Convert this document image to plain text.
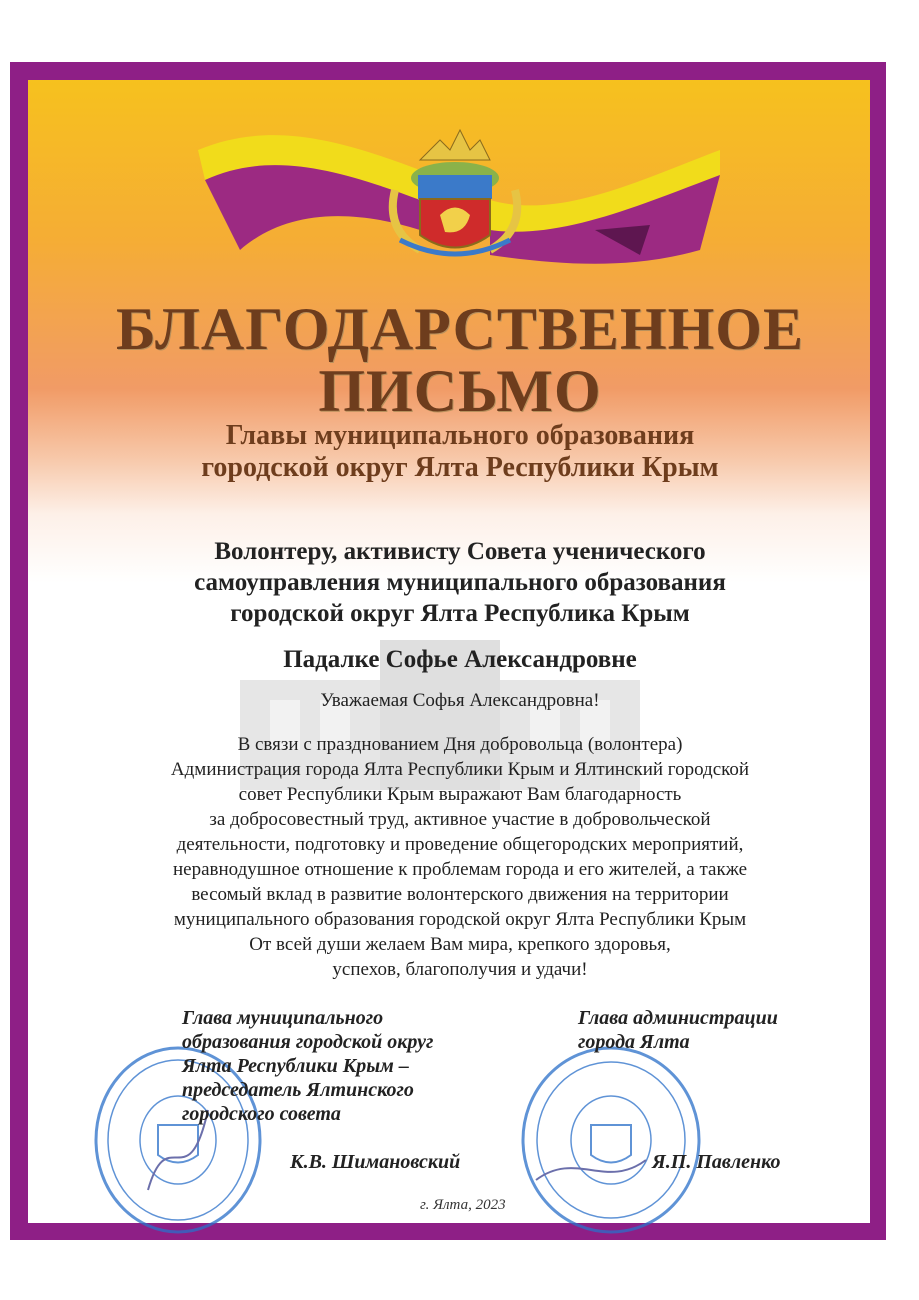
БЛАГОДАРСТВЕННОЕ
ПИСЬМО
Главы муниципального образования
городской округ Ялта Республики Крым
Волонтеру, активисту Совета ученического
самоуправления муниципального образования
городской округ Ялта Республика Крым
Падалке Софье Александровне
Уважаемая Софья Александровна!
В связи с празднованием Дня добровольца (волонтера)
Администрация города Ялта Республики Крым и Ялтинский городской
совет Республики Крым выражают Вам благодарность
за добросовестный труд, активное участие в добровольческой
деятельности, подготовку и проведение общегородских мероприятий,
неравнодушное отношение к проблемам города и его жителей, а также
весомый вклад в развитие волонтерского движения на территории
муниципального образования городской округ Ялта Республики Крым
От всей души желаем Вам мира, крепкого здоровья,
успехов, благополучия и удачи!
Глава муниципального
образования городской округ
Ялта Республики Крым –
председатель Ялтинского
городского совета
Глава администрации
города Ялта
К.В. Шимановский	Я.П. Павленко
г. Ялта, 2023
